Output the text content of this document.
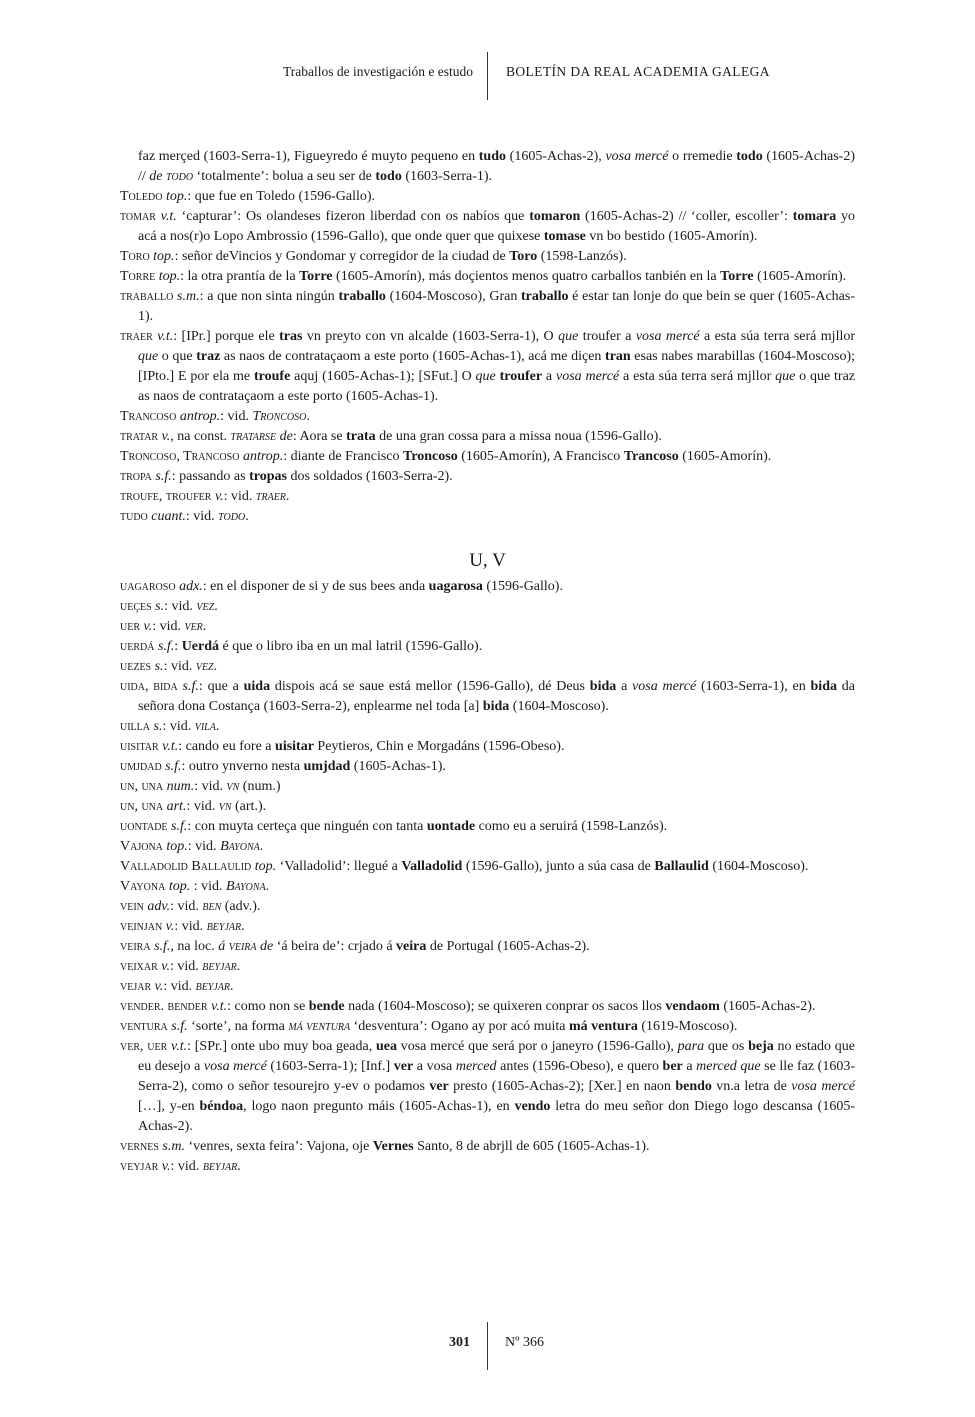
Traballos de investigación e estudo BOLETÍN DA REAL ACADEMIA GALEGA

faz merçed (1603-Serra-1), Figueyredo é muyto pequeno en tudo (1605-Achas-2), vosa mercé o rremedie todo (1605-Achas-2) // de todo ‘totalmente’: bolua a seu ser de todo (1603-Serra-1).

Toledo top.: que fue en Toledo (1596-Gallo).

tomar v.t. ‘capturar’: Os olandeses fizeron liberdad con os nabíos que tomaron (1605-Achas-2) // ‘coller, escoller’: tomara yo acá a nos(r)o Lopo Ambrossio (1596-Gallo), que onde quer que quixese tomase vn bo bestido (1605-Amorín).

Toro top.: señor deVincios y Gondomar y corregidor de la ciudad de Toro (1598-Lanzós).

Torre top.: la otra prantía de la Torre (1605-Amorín), más doçientos menos quatro carballos tanbién en la Torre (1605-Amorín).

traballo s.m.: a que non sinta ningún traballo (1604-Moscoso), Gran traballo é estar tan lonje do que bein se quer (1605-Achas-1).

traer v.t.: [IPr.] porque ele tras vn preyto con vn alcalde (1603-Serra-1), O que troufer a vosa mercé a esta súa terra será mjllor que o que traz as naos de contrataçaom a este porto (1605-Achas-1), acá me diçen tran esas nabes marabillas (1604-Moscoso); [IPto.] E por ela me troufe aquj (1605-Achas-1); [SFut.] O que troufer a vosa mercé a esta súa terra será mjllor que o que traz as naos de contrataçaom a este porto (1605-Achas-1).

Trancoso antrop.: vid. Troncoso.

tratar v., na const. tratarse de: Aora se trata de una gran cossa para a missa noua (1596-Gallo).

Troncoso, Trancoso antrop.: diante de Francisco Troncoso (1605-Amorín), A Francisco Trancoso (1605-Amorín).

tropa s.f.: passando as tropas dos soldados (1603-Serra-2).

troufe, troufer v.: vid. traer.

tudo cuant.: vid. todo.

U, V

uagaroso adx.: en el disponer de si y de sus bees anda uagarosa (1596-Gallo).

ueçes s.: vid. vez.

uer v.: vid. ver.

uerdá s.f.: Uerdá é que o libro iba en un mal latril (1596-Gallo).

uezes s.: vid. vez.

uida, bida s.f.: que a uida dispois acá se saue está mellor (1596-Gallo), dé Deus bida a vosa mercé (1603-Serra-1), en bida da señora dona Costança (1603-Serra-2), enplearme nel toda [a] bida (1604-Moscoso).

uilla s.: vid. vila.

uisitar v.t.: cando eu fore a uisitar Peytieros, Chin e Morgadáns (1596-Obeso).

umjdad s.f.: outro ynverno nesta umjdad (1605-Achas-1).

un, una num.: vid. vn (num.)

un, una art.: vid. vn (art.).

uontade s.f.: con muyta certeça que ninguén con tanta uontade como eu a seruirá (1598-Lanzós).

Vajona top.: vid. Bayona.

Valladolid Ballaulid top. ‘Valladolid’: llegué a Valladolid (1596-Gallo), junto a súa casa de Ballaulid (1604-Moscoso).

Vayona top. : vid. Bayona.

vein adv.: vid. ben (adv.).

veinjan v.: vid. beyjar.

veira s.f., na loc. á veira de ‘á beira de’: crjado á veira de Portugal (1605-Achas-2).

veixar v.: vid. beyjar.

vejar v.: vid. beyjar.

vender. bender v.t.: como non se bende nada (1604-Moscoso); se quixeren conprar os sacos llos vendaom (1605-Achas-2).

ventura s.f. ‘sorte’, na forma má ventura ‘desventura’: Ogano ay por acó muita má ventura (1619-Moscoso).

ver, uer v.t.: [SPr.] onte ubo muy boa geada, uea vosa mercé que será por o janeyro (1596-Gallo), para que os beja no estado que eu desejo a vosa mercé (1603-Serra-1); [Inf.] ver a vosa merced antes (1596-Obeso), e quero ber a merced que se lle faz (1603-Serra-2), como o señor tesourejro y-ev o podamos ver presto (1605-Achas-2); [Xer.] en naon bendo vn.a letra de vosa mercé […], y-en béndoa, logo naon pregunto máis (1605-Achas-1), en vendo letra do meu señor don Diego logo descansa (1605-Achas-2).

vernes s.m. ‘venres, sexta feira’: Vajona, oje Vernes Santo, 8 de abrjll de 605 (1605-Achas-1).

veyjar v.: vid. beyjar.

301	Nº 366
